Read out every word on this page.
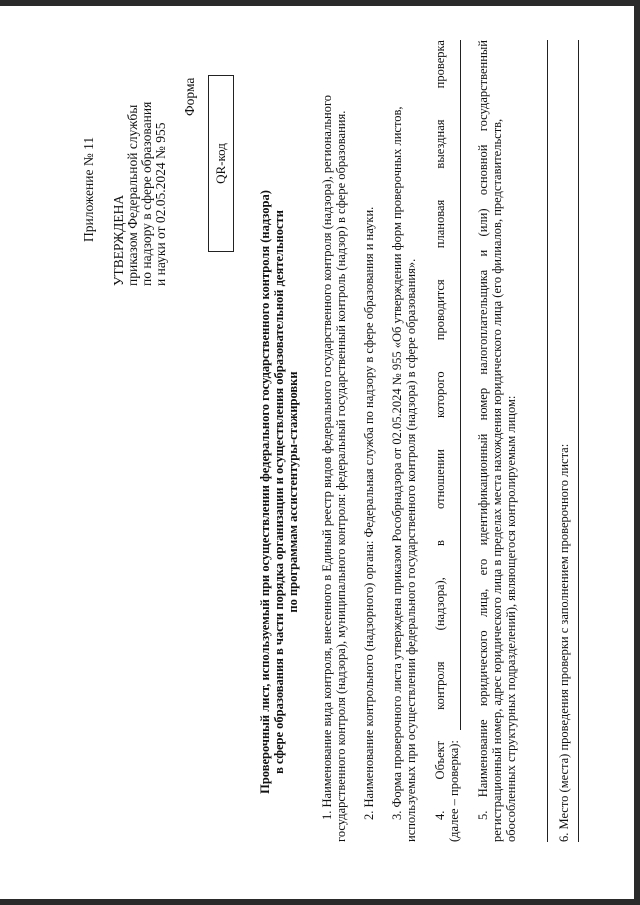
Приложение № 11 УТВЕРЖДЕНА приказом Федеральной службы по надзору в сфере образования и науки от 02.05.2024 № 955
Форма
QR-код
Проверочный лист, используемый при осуществлении федерального государственного контроля (надзора) в сфере образования в части порядка организации и осуществления образовательной деятельности по программам ассистентуры-стажировки 1. Наименование вида контроля, внесенного в Единый реестр видов федерального государственного контроля (надзора), регионального государственного контроля (надзора), муниципального контроля: федеральный государственный контроль (надзор) в сфере образования. 2. Наименование контрольного (надзорного) органа: Федеральная служба по надзору в сфере образования и науки. 3. Форма проверочного листа утверждена приказом Рособрнадзора от 02.05.2024 № 955 «Об утверждении форм проверочных листов, используемых при осуществлении федерального государственного контроля (надзора) в сфере образования». 4.
Объект
контроля
(надзора),
в
отношении
которого
проводится
плановая
выездная
проверка
(далее – проверка): 5.
Наименование
юридического
лица,
его
идентификационный
номер
налогоплательщика
и
(или)
основной
государственный
регистрационный номер, адрес юридического лица в пределах места нахождения юридического лица (его филиалов, представительств, обособленных структурных подразделений), являющегося контролируемым лицом:	6. Место (места) проведения проверки с заполнением проверочного листа:
